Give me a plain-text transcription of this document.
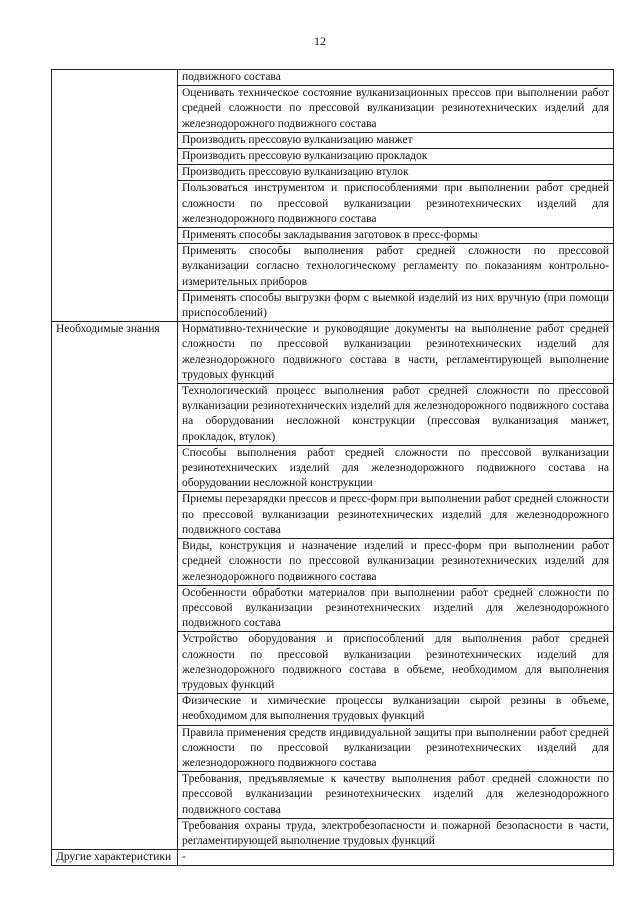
12
	подвижного состава
	Оценивать техническое состояние вулканизационных прессов при выполнении работ средней сложности по прессовой вулканизации резинотехнических изделий для железнодорожного подвижного состава
	Производить прессовую вулканизацию манжет
	Производить прессовую вулканизацию прокладок
	Производить прессовую вулканизацию втулок
	Пользоваться инструментом и приспособлениями при выполнении работ средней сложности по прессовой вулканизации резинотехнических изделий для железнодорожного подвижного состава
	Применять способы закладывания заготовок в пресс-формы
	Применять способы выполнения работ средней сложности по прессовой вулканизации согласно технологическому регламенту по показаниям контрольно-измерительных приборов
	Применять способы выгрузки форм с выемкой изделий из них вручную (при помощи приспособлений)
Необходимые знания	Нормативно-технические и руководящие документы на выполнение работ средней сложности по прессовой вулканизации резинотехнических изделий для железнодорожного подвижного состава в части, регламентирующей выполнение трудовых функций
	Технологический процесс выполнения работ средней сложности по прессовой вулканизации резинотехнических изделий для железнодорожного подвижного состава на оборудовании несложной конструкции (прессовая вулканизация манжет, прокладок, втулок)
	Способы выполнения работ средней сложности по прессовой вулканизации резинотехнических изделий для железнодорожного подвижного состава на оборудовании несложной конструкции
	Приемы перезарядки прессов и пресс-форм при выполнении работ средней сложности по прессовой вулканизации резинотехнических изделий для железнодорожного подвижного состава
	Виды, конструкция и назначение изделий и пресс-форм при выполнении работ средней сложности по прессовой вулканизации резинотехнических изделий для железнодорожного подвижного состава
	Особенности обработки материалов при выполнении работ средней сложности по прессовой вулканизации резинотехнических изделий для железнодорожного подвижного состава
	Устройство оборудования и приспособлений для выполнения работ средней сложности по прессовой вулканизации резинотехнических изделий для железнодорожного подвижного состава в объеме, необходимом для выполнения трудовых функций
	Физические и химические процессы вулканизации сырой резины в объеме, необходимом для выполнения трудовых функций
	Правила применения средств индивидуальной защиты при выполнении работ средней сложности по прессовой вулканизации резинотехнических изделий для железнодорожного подвижного состава
	Требования, предъявляемые к качеству выполнения работ средней сложности по прессовой вулканизации резинотехнических изделий для железнодорожного подвижного состава
	Требования охраны труда, электробезопасности и пожарной безопасности в части, регламентирующей выполнение трудовых функций
Другие характеристики	-
